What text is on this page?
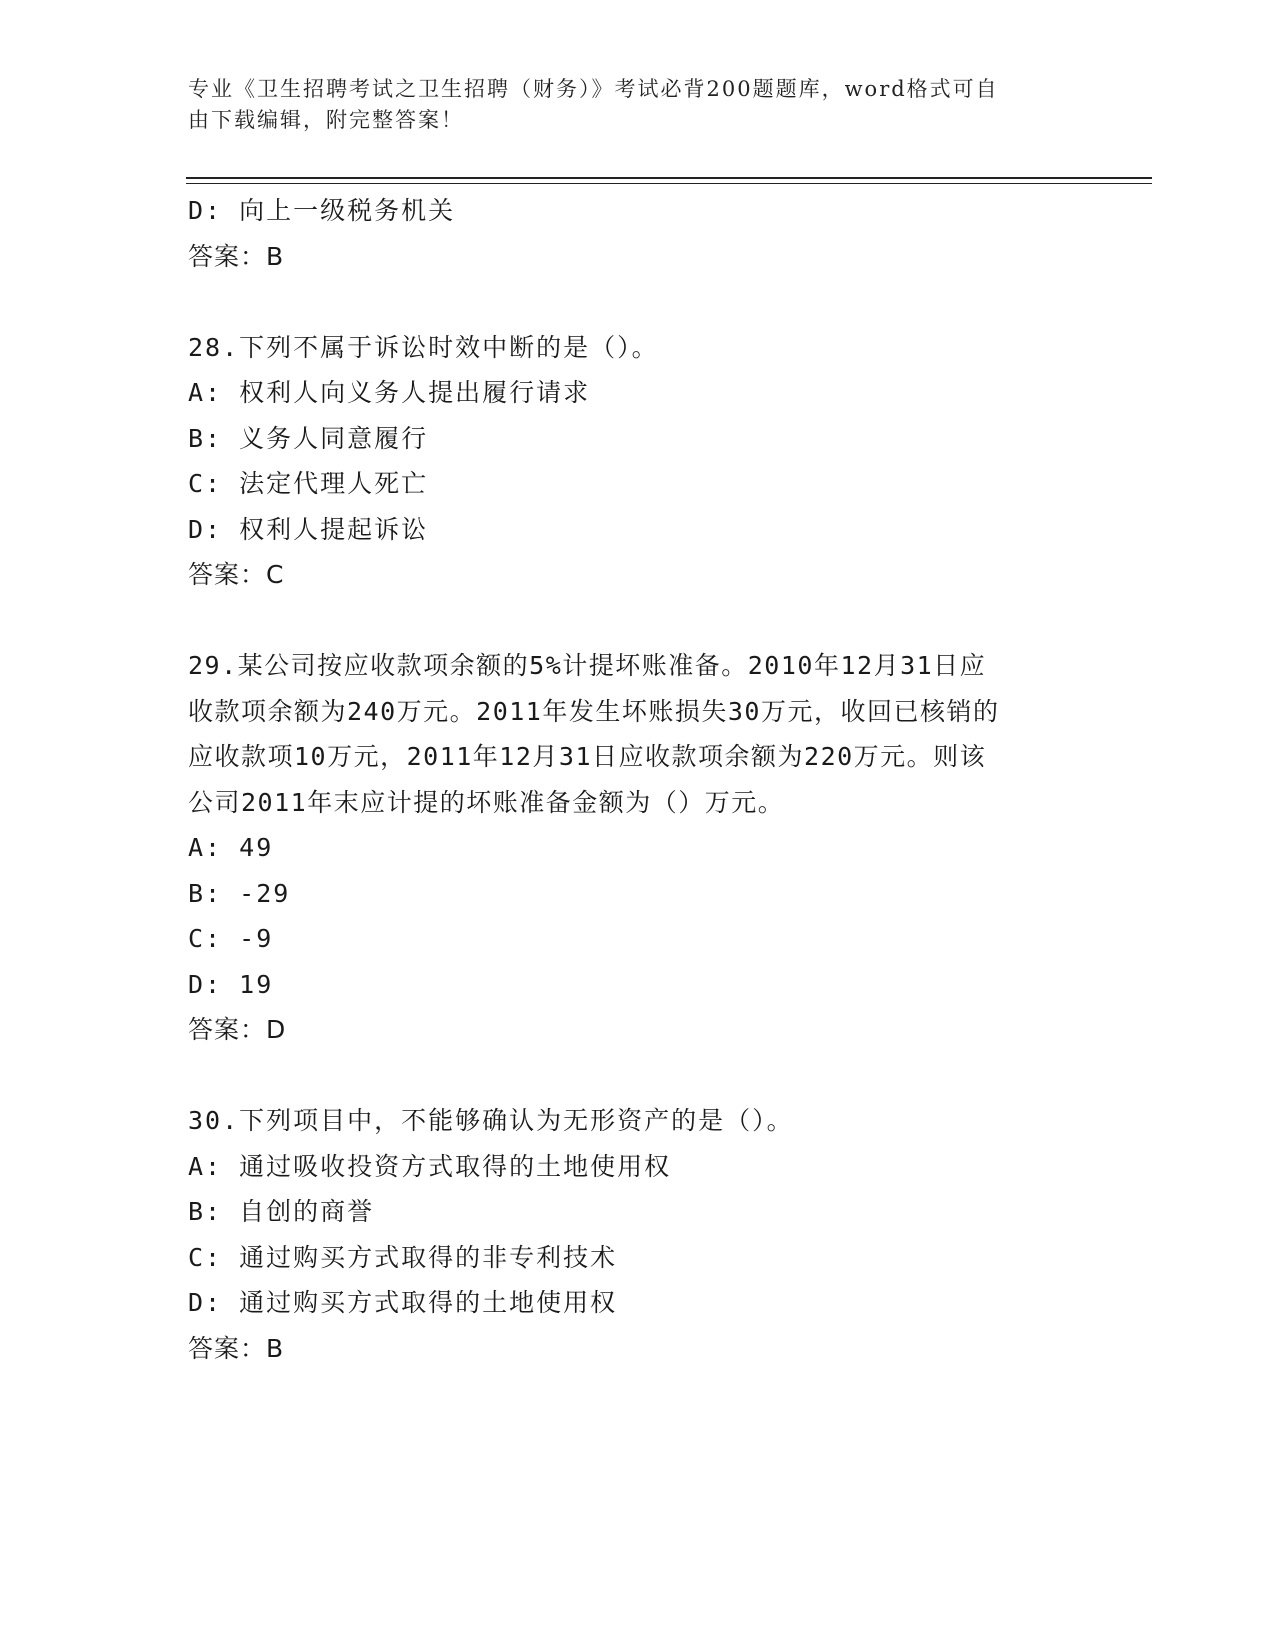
专业《卫生招聘考试之卫生招聘（财务）》考试必背200题题库，word格式可自
由下载编辑，附完整答案！
D: 向上一级税务机关
答案：B
28.下列不属于诉讼时效中断的是（）。
A: 权利人向义务人提出履行请求
B: 义务人同意履行
C: 法定代理人死亡
D: 权利人提起诉讼
答案：C
29.某公司按应收款项余额的5%计提坏账准备。2010年12月31日应
收款项余额为240万元。2011年发生坏账损失30万元，收回已核销的
应收款项10万元，2011年12月31日应收款项余额为220万元。则该
公司2011年末应计提的坏账准备金额为（）万元。
A: 49
B: -29
C: -9
D: 19
答案：D
30.下列项目中，不能够确认为无形资产的是（）。
A: 通过吸收投资方式取得的土地使用权
B: 自创的商誉
C: 通过购买方式取得的非专利技术
D: 通过购买方式取得的土地使用权
答案：B
